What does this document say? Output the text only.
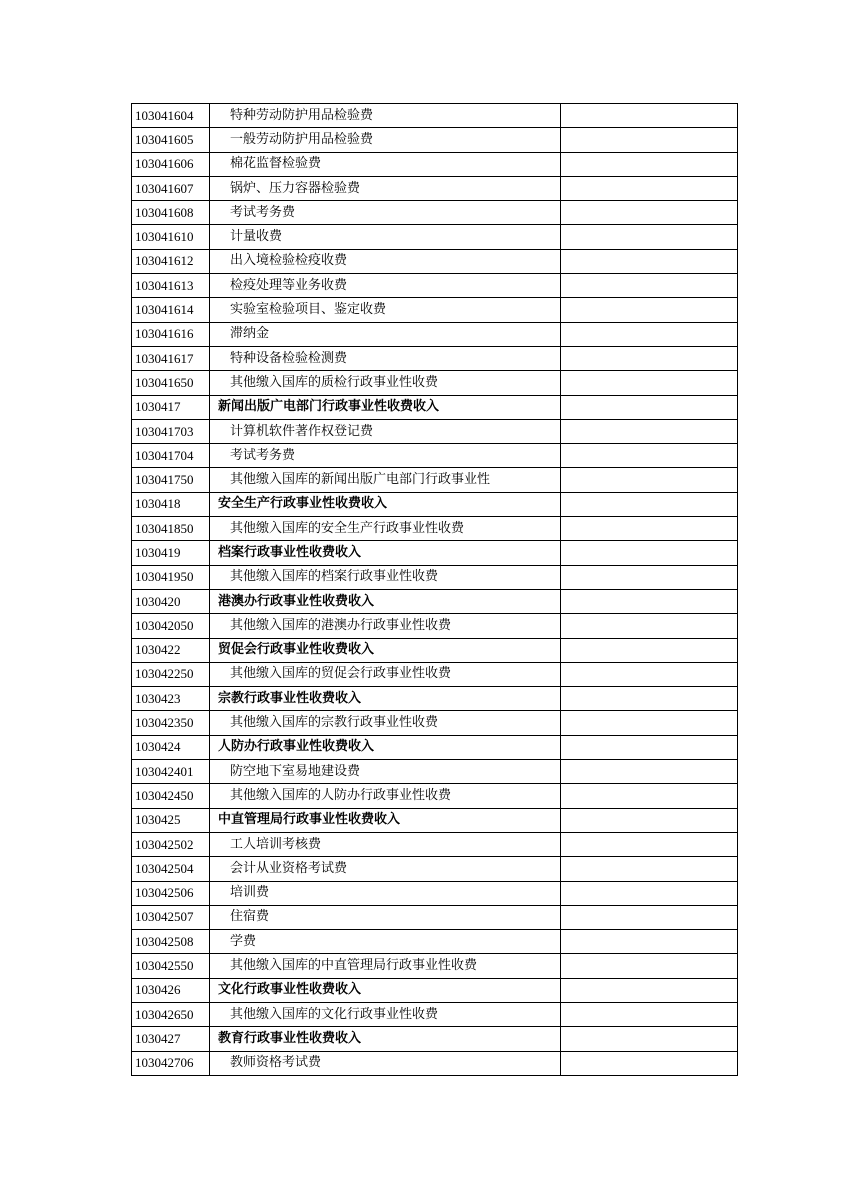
103041604	特种劳动防护用品检验费	
103041605	一般劳动防护用品检验费	
103041606	棉花监督检验费	
103041607	锅炉、压力容器检验费	
103041608	考试考务费	
103041610	计量收费	
103041612	出入境检验检疫收费	
103041613	检疫处理等业务收费	
103041614	实验室检验项目、鉴定收费	
103041616	滞纳金	
103041617	特种设备检验检测费	
103041650	其他缴入国库的质检行政事业性收费	
1030417	新闻出版广电部门行政事业性收费收入	
103041703	计算机软件著作权登记费	
103041704	考试考务费	
103041750	其他缴入国库的新闻出版广电部门行政事业性	
1030418	安全生产行政事业性收费收入	
103041850	其他缴入国库的安全生产行政事业性收费	
1030419	档案行政事业性收费收入	
103041950	其他缴入国库的档案行政事业性收费	
1030420	港澳办行政事业性收费收入	
103042050	其他缴入国库的港澳办行政事业性收费	
1030422	贸促会行政事业性收费收入	
103042250	其他缴入国库的贸促会行政事业性收费	
1030423	宗教行政事业性收费收入	
103042350	其他缴入国库的宗教行政事业性收费	
1030424	人防办行政事业性收费收入	
103042401	防空地下室易地建设费	
103042450	其他缴入国库的人防办行政事业性收费	
1030425	中直管理局行政事业性收费收入	
103042502	工人培训考核费	
103042504	会计从业资格考试费	
103042506	培训费	
103042507	住宿费	
103042508	学费	
103042550	其他缴入国库的中直管理局行政事业性收费	
1030426	文化行政事业性收费收入	
103042650	其他缴入国库的文化行政事业性收费	
1030427	教育行政事业性收费收入	
103042706	教师资格考试费	
